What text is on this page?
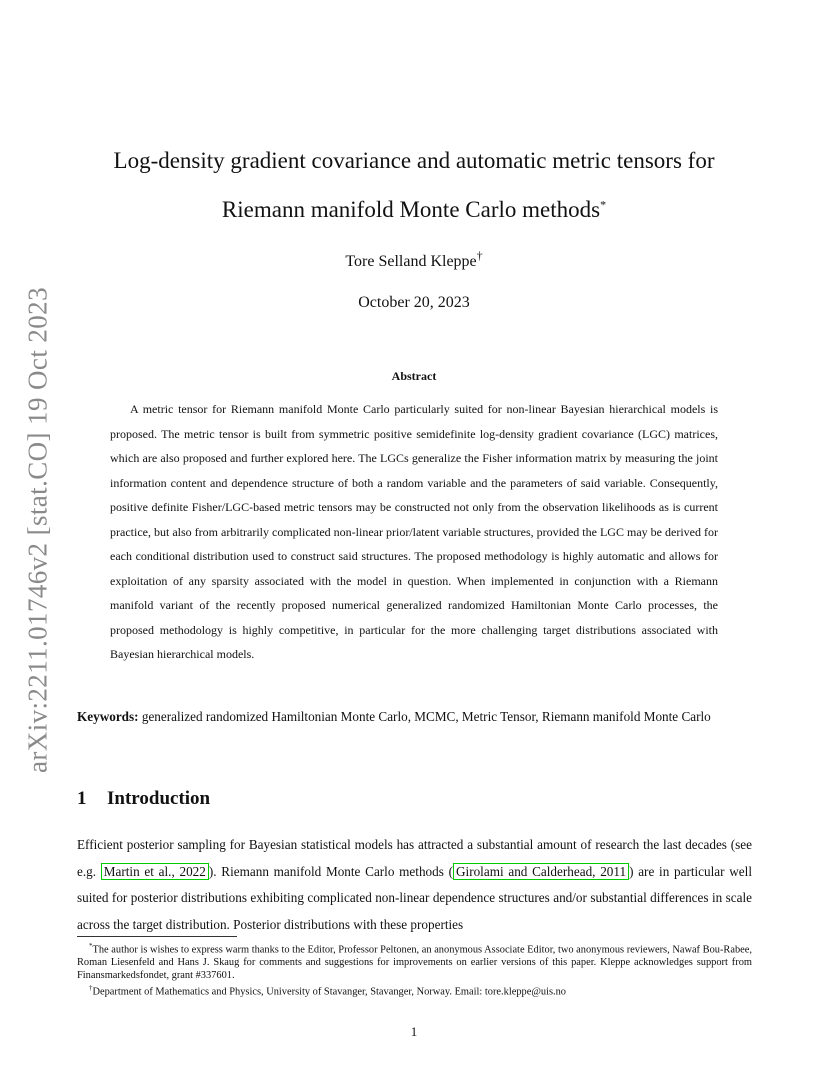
arXiv:2211.01746v2 [stat.CO] 19 Oct 2023
Log-density gradient covariance and automatic metric tensors for
Riemann manifold Monte Carlo methods*
Tore Selland Kleppe†
October 20, 2023
Abstract
A metric tensor for Riemann manifold Monte Carlo particularly suited for non-linear Bayesian hierarchical models is proposed. The metric tensor is built from symmetric positive semidefinite log-density gradient covariance (LGC) matrices, which are also proposed and further explored here. The LGCs generalize the Fisher information matrix by measuring the joint information content and dependence structure of both a random variable and the parameters of said variable. Consequently, positive definite Fisher/LGC-based metric tensors may be constructed not only from the observation likelihoods as is current practice, but also from arbitrarily complicated non-linear prior/latent variable structures, provided the LGC may be derived for each conditional distribution used to construct said structures. The proposed methodology is highly automatic and allows for exploitation of any sparsity associated with the model in question. When implemented in conjunction with a Riemann manifold variant of the recently proposed numerical generalized randomized Hamiltonian Monte Carlo processes, the proposed methodology is highly competitive, in particular for the more challenging target distributions associated with Bayesian hierarchical models.
Keywords: generalized randomized Hamiltonian Monte Carlo, MCMC, Metric Tensor, Riemann manifold Monte Carlo
1 Introduction
Efficient posterior sampling for Bayesian statistical models has attracted a substantial amount of research the last decades (see e.g. Martin et al., 2022 ). Riemann manifold Monte Carlo methods ( Girolami and Calderhead, 2011 ) are in particular well suited for posterior distributions exhibiting complicated non-linear dependence structures and/or substantial differences in scale across the target distribution. Posterior distributions with these properties

*The author is wishes to express warm thanks to the Editor, Professor Peltonen, an anonymous Associate Editor, two anonymous reviewers, Nawaf Bou-Rabee, Roman Liesenfeld and Hans J. Skaug for comments and suggestions for improvements on earlier versions of this paper. Kleppe acknowledges support from Finansmarkedsfondet, grant #337601.

†Department of Mathematics and Physics, University of Stavanger, Stavanger, Norway. Email: tore.kleppe@uis.no

1
